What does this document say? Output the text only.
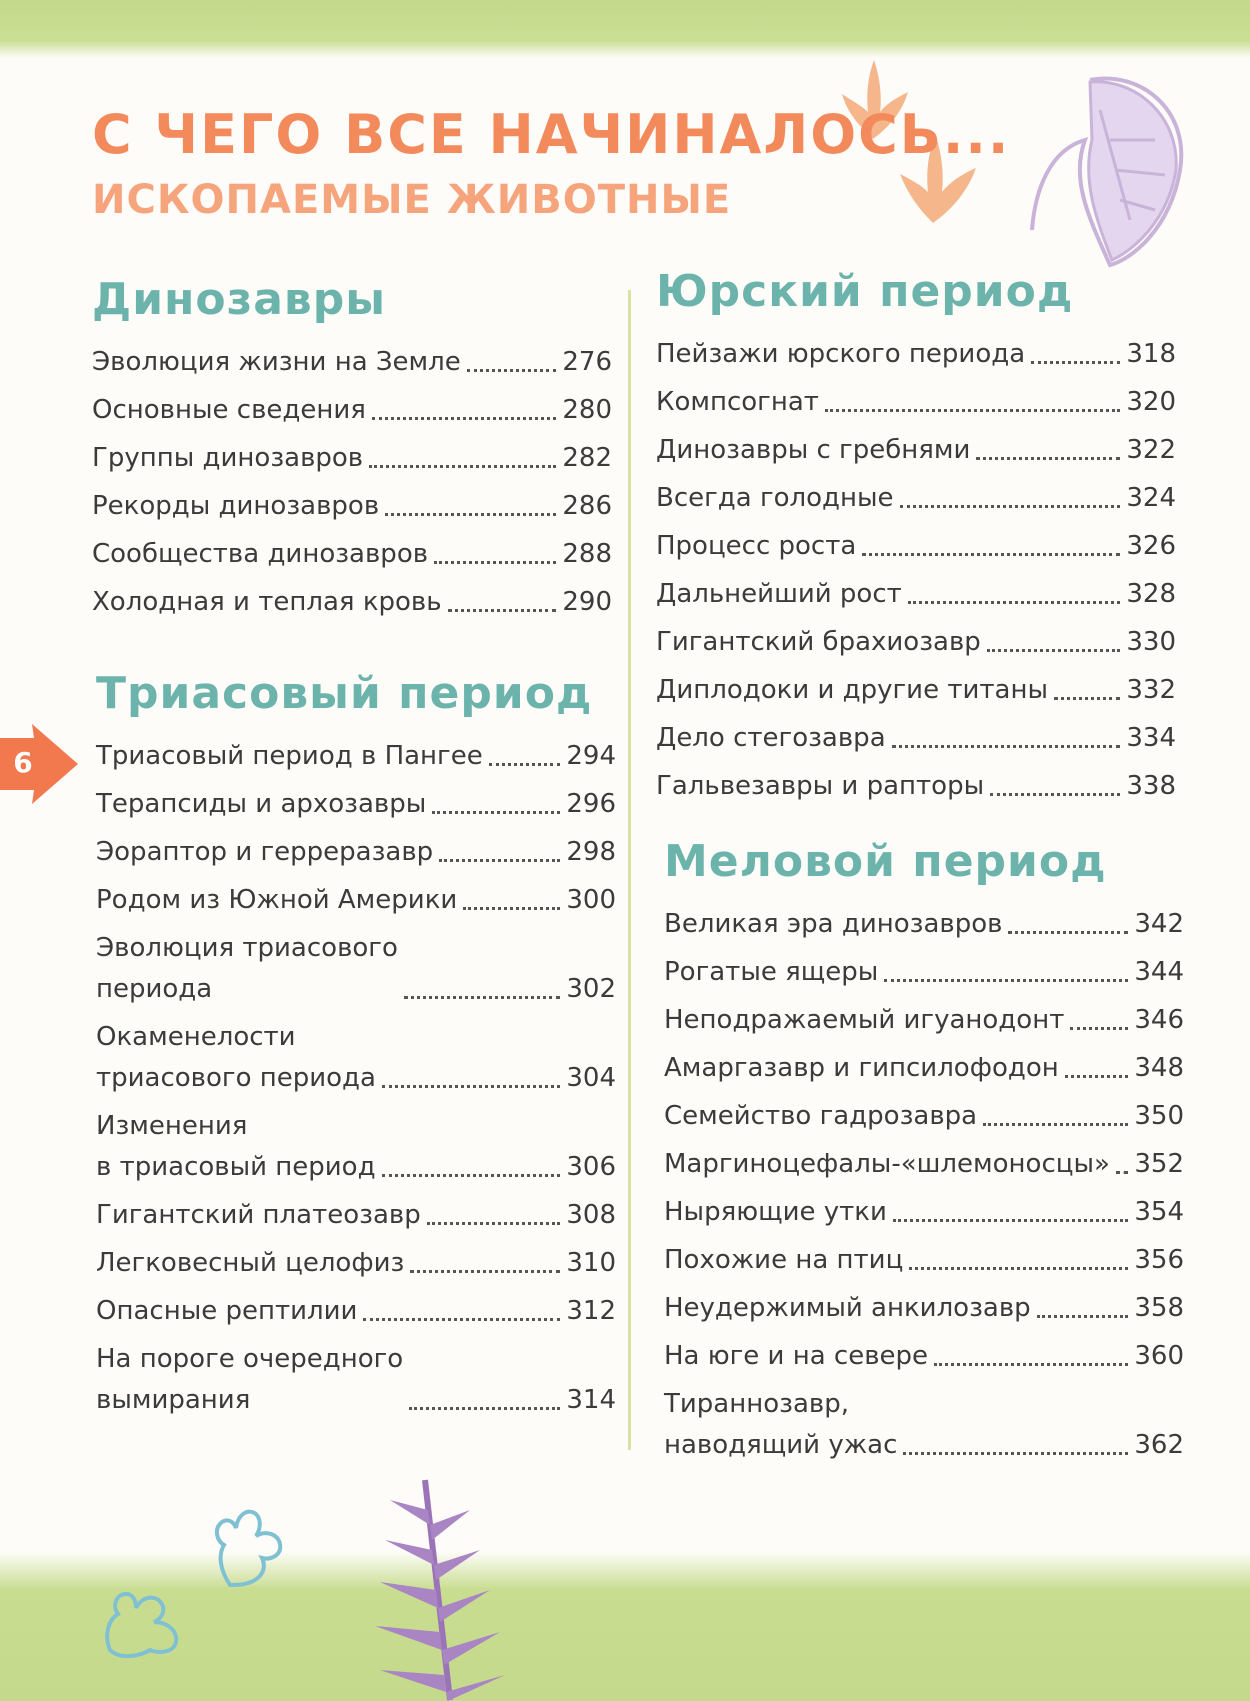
6
С ЧЕГО ВСЕ НАЧИНАЛОСЬ...
ИСКОПАЕМЫЕ ЖИВОТНЫЕ
Динозавры
Эволюция жизни на Земле	276
Основные сведения	280
Группы динозавров	282
Рекорды динозавров	286
Сообщества динозавров	288
Холодная и теплая кровь	290
Триасовый период
Триасовый период в Пангее	294
Терапсиды и архозавры	296
Эораптор и герреразавр	298
Родом из Южной Америки	300
Эволюция триасового
периода	302
Окаменелости
триасового периода	304
Изменения
в триасовый период	306
Гигантский платеозавр	308
Легковесный целофиз	310
Опасные рептилии	312
На пороге очередного
вымирания	314
Юрский период
Пейзажи юрского периода	318
Компсогнат	320
Динозавры с гребнями	322
Всегда голодные	324
Процесс роста	326
Дальнейший рост	328
Гигантский брахиозавр	330
Диплодоки и другие титаны	332
Дело стегозавра	334
Гальвезавры и рапторы	338
Меловой период
Великая эра динозавров	342
Рогатые ящеры	344
Неподражаемый игуанодонт	346
Амаргазавр и гипсилофодон	348
Семейство гадрозавра	350
Маргиноцефалы-«шлемоносцы» 352
Ныряющие утки	354
Похожие на птиц	356
Неудержимый анкилозавр	358
На юге и на севере	360
Тираннозавр,
наводящий ужас	362
